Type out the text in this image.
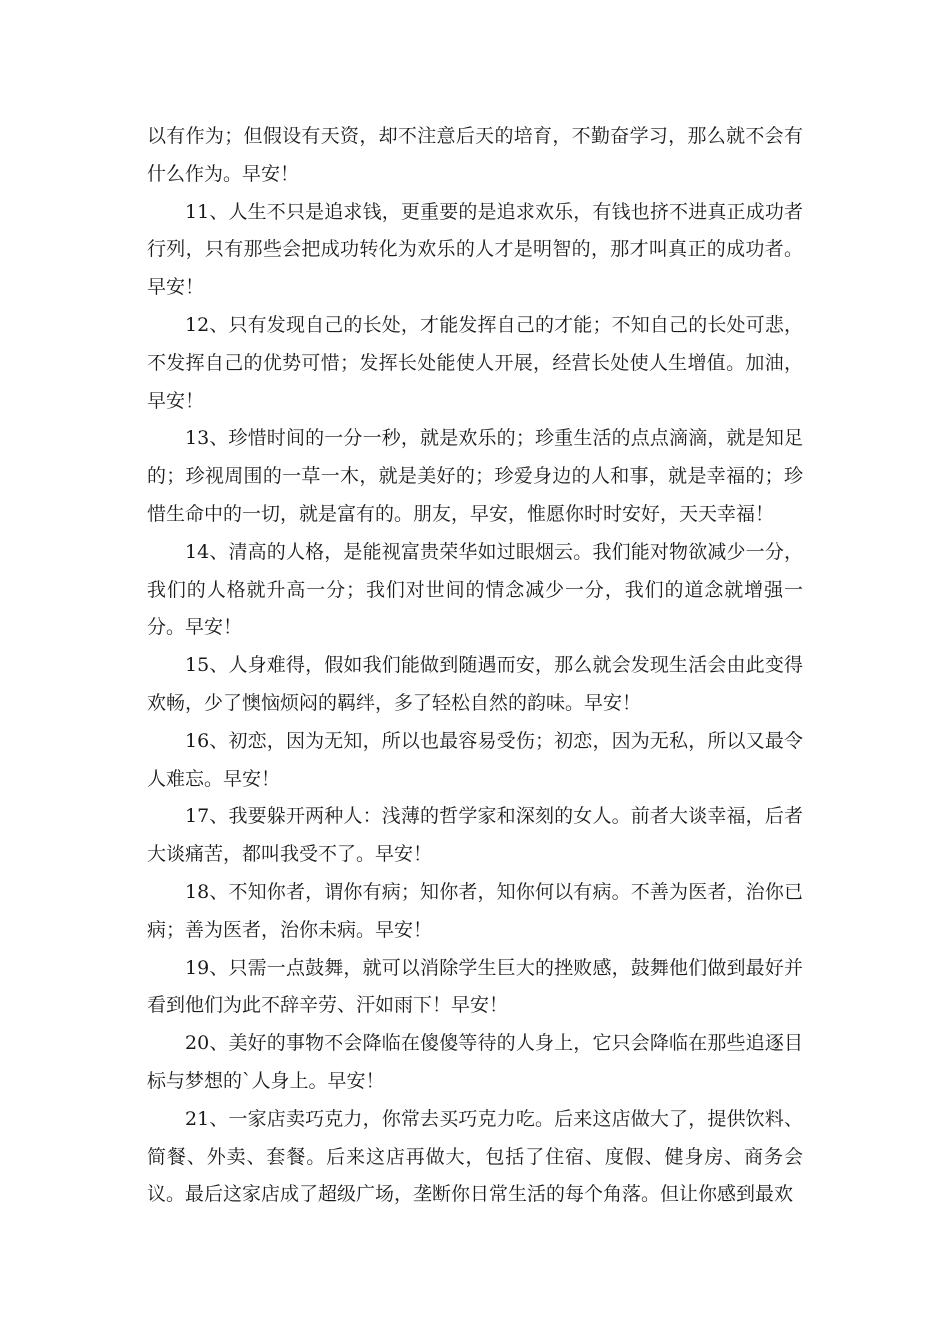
以有作为；但假设有天资，却不注意后天的培育，不勤奋学习，那么就不会有什么作为。早安！

11、人生不只是追求钱，更重要的是追求欢乐，有钱也挤不进真正成功者行列，只有那些会把成功转化为欢乐的人才是明智的，那才叫真正的成功者。早安！

12、只有发现自己的长处，才能发挥自己的才能；不知自己的长处可悲，不发挥自己的优势可惜；发挥长处能使人开展，经营长处使人生增值。加油，早安！

13、珍惜时间的一分一秒，就是欢乐的；珍重生活的点点滴滴，就是知足的；珍视周围的一草一木，就是美好的；珍爱身边的人和事，就是幸福的；珍惜生命中的一切，就是富有的。朋友，早安，惟愿你时时安好，天天幸福！

14、清高的人格，是能视富贵荣华如过眼烟云。我们能对物欲减少一分，我们的人格就升高一分；我们对世间的情念减少一分，我们的道念就增强一分。早安！

15、人身难得，假如我们能做到随遇而安，那么就会发现生活会由此变得欢畅，少了懊恼烦闷的羁绊，多了轻松自然的韵味。早安！

16、初恋，因为无知，所以也最容易受伤；初恋，因为无私，所以又最令人难忘。早安！

17、我要躲开两种人：浅薄的哲学家和深刻的女人。前者大谈幸福，后者大谈痛苦，都叫我受不了。早安！

18、不知你者，谓你有病；知你者，知你何以有病。不善为医者，治你已病；善为医者，治你未病。早安！

19、只需一点鼓舞，就可以消除学生巨大的挫败感，鼓舞他们做到最好并看到他们为此不辞辛劳、汗如雨下！早安！

20、美好的事物不会降临在傻傻等待的人身上，它只会降临在那些追逐目标与梦想的`人身上。早安！

21、一家店卖巧克力，你常去买巧克力吃。后来这店做大了，提供饮料、简餐、外卖、套餐。后来这店再做大，包括了住宿、度假、健身房、商务会议。最后这家店成了超级广场，垄断你日常生活的每个角落。但让你感到最欢
